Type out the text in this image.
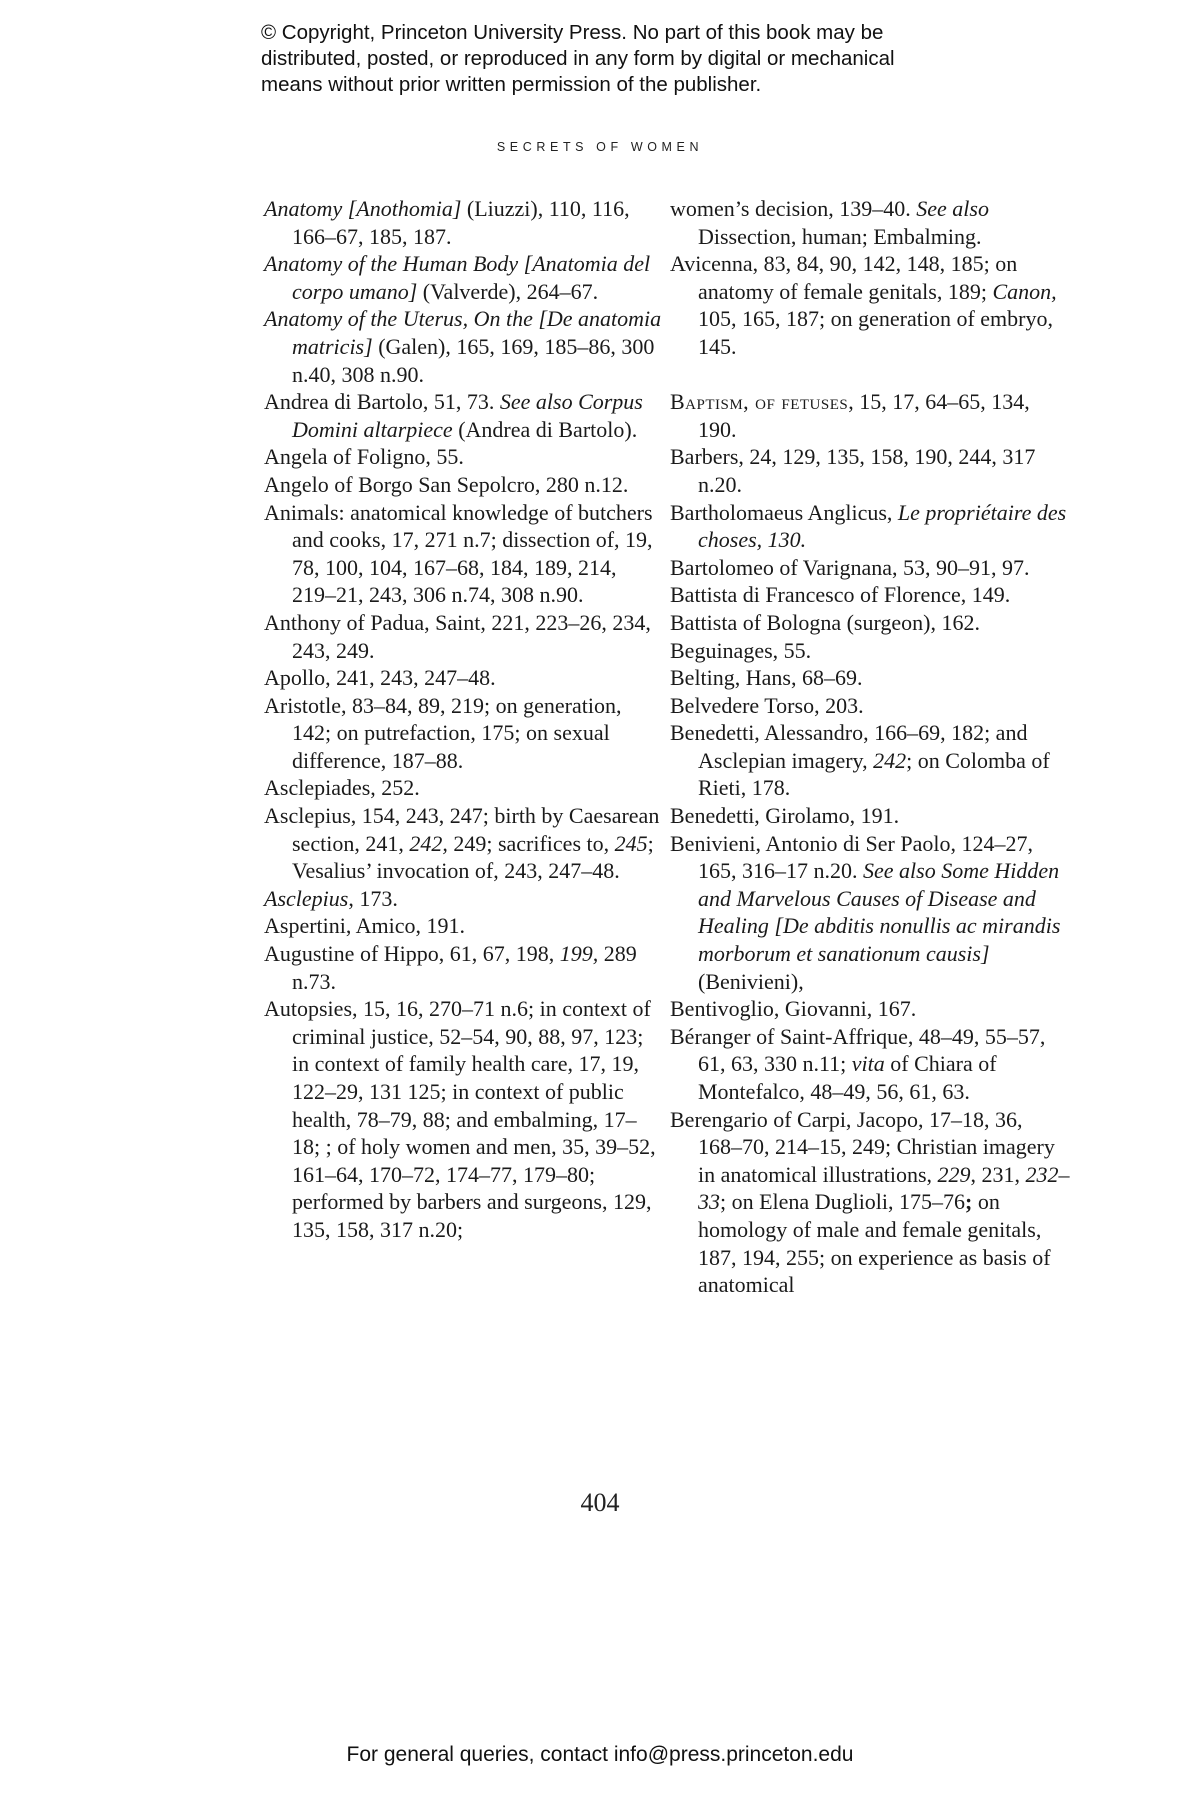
© Copyright, Princeton University Press. No part of this book may be
distributed, posted, or reproduced in any form by digital or mechanical
means without prior written permission of the publisher.
SECRETS OF WOMEN
Anatomy [Anothomia] (Liuzzi), 110, 116, 166–67, 185, 187.
Anatomy of the Human Body [Anatomia del corpo umano] (Valverde), 264–67.
Anatomy of the Uterus, On the [De anatomia matricis] (Galen), 165, 169, 185–86, 300 n.40, 308 n.90.
Andrea di Bartolo, 51, 73. See also Corpus Domini altarpiece (Andrea di Bartolo).
Angela of Foligno, 55.
Angelo of Borgo San Sepolcro, 280 n.12.
Animals: anatomical knowledge of butchers and cooks, 17, 271 n.7; dissection of, 19, 78, 100, 104, 167–68, 184, 189, 214, 219–21, 243, 306 n.74, 308 n.90.
Anthony of Padua, Saint, 221, 223–26, 234, 243, 249.
Apollo, 241, 243, 247–48.
Aristotle, 83–84, 89, 219; on generation, 142; on putrefaction, 175; on sexual difference, 187–88.
Asclepiades, 252.
Asclepius, 154, 243, 247; birth by Caesarean section, 241, 242, 249; sacrifices to, 245; Vesalius’ invocation of, 243, 247–48.
Asclepius, 173.
Aspertini, Amico, 191.
Augustine of Hippo, 61, 67, 198, 199, 289 n.73.
Autopsies, 15, 16, 270–71 n.6; in context of criminal justice, 52–54, 90, 88, 97, 123; in context of family health care, 17, 19, 122–29, 131 125; in context of public health, 78–79, 88; and embalming, 17–18; ; of holy women and men, 35, 39–52, 161–64, 170–72, 174–77, 179–80; performed by barbers and surgeons, 129, 135, 158, 317 n.20;
women’s decision, 139–40. See also Dissection, human; Embalming.
Avicenna, 83, 84, 90, 142, 148, 185; on anatomy of female genitals, 189; Canon, 105, 165, 187; on generation of embryo, 145.
Baptism, of fetuses, 15, 17, 64–65, 134, 190.
Barbers, 24, 129, 135, 158, 190, 244, 317 n.20.
Bartholomaeus Anglicus, Le propriétaire des choses, 130.
Bartolomeo of Varignana, 53, 90–91, 97.
Battista di Francesco of Florence, 149.
Battista of Bologna (surgeon), 162.
Beguinages, 55.
Belting, Hans, 68–69.
Belvedere Torso, 203.
Benedetti, Alessandro, 166–69, 182; and Asclepian imagery, 242; on Colomba of Rieti, 178.
Benedetti, Girolamo, 191.
Benivieni, Antonio di Ser Paolo, 124–27, 165, 316–17 n.20. See also Some Hidden and Marvelous Causes of Disease and Healing [De abditis nonullis ac mirandis morborum et sanationum causis] (Benivieni),
Bentivoglio, Giovanni, 167.
Béranger of Saint-Affrique, 48–49, 55–57, 61, 63, 330 n.11; vita of Chiara of Montefalco, 48–49, 56, 61, 63.
Berengario of Carpi, Jacopo, 17–18, 36, 168–70, 214–15, 249; Christian imagery in anatomical illustrations, 229, 231, 232–33; on Elena Duglioli, 175–76; on homology of male and female genitals, 187, 194, 255; on experience as basis of anatomical
404
For general queries, contact info@press.princeton.edu
